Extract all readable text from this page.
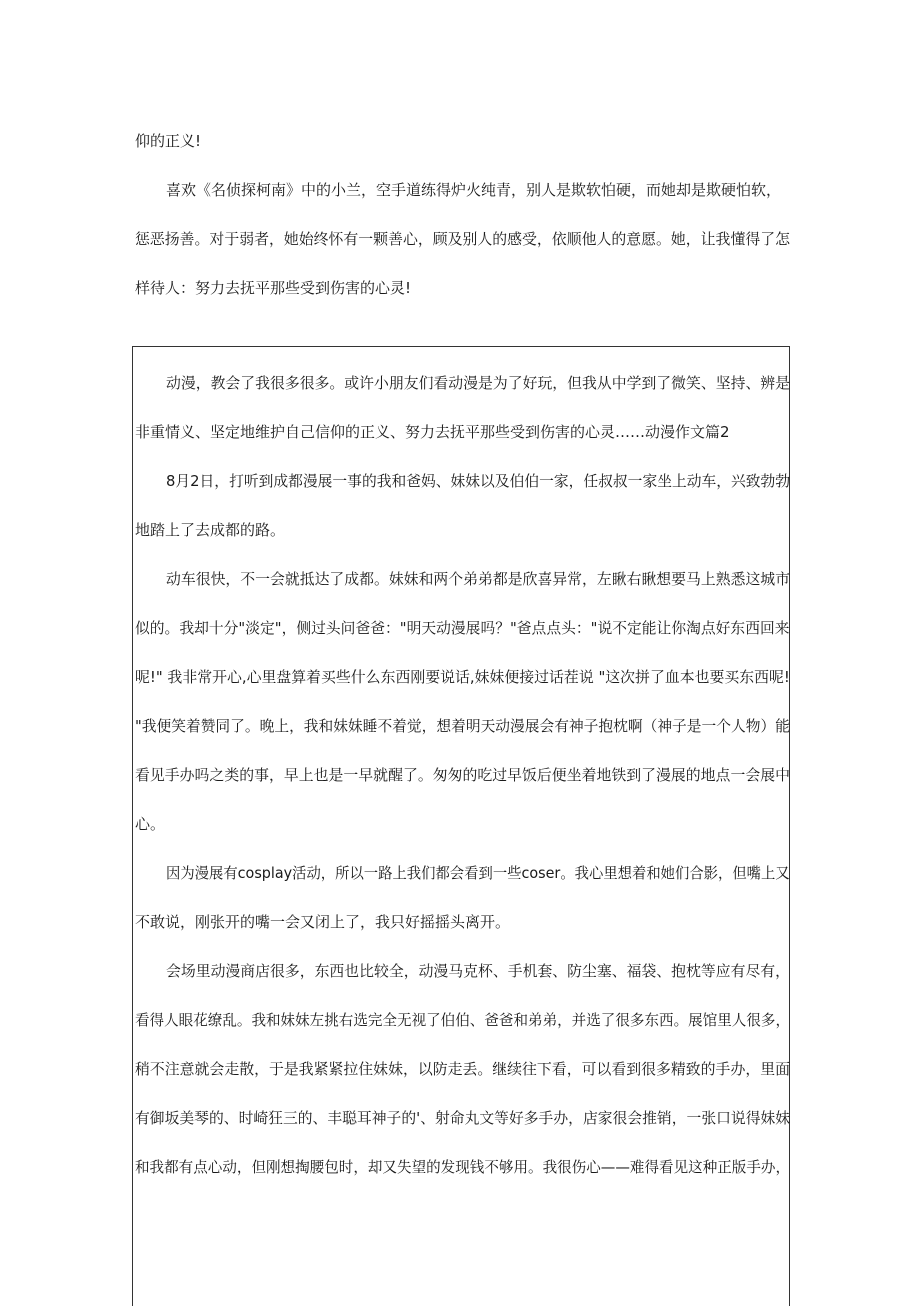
仰的正义!

喜欢《名侦探柯南》中的小兰，空手道练得炉火纯青，别人是欺软怕硬，而她却是欺硬怕软，

惩恶扬善。对于弱者，她始终怀有一颗善心，顾及别人的感受，依顺他人的意愿。她，让我懂得了怎

样待人：努力去抚平那些受到伤害的心灵!

动漫，教会了我很多很多。或许小朋友们看动漫是为了好玩，但我从中学到了微笑、坚持、辨是

非重情义、坚定地维护自己信仰的正义、努力去抚平那些受到伤害的心灵……动漫作文篇2

8月2日，打听到成都漫展一事的我和爸妈、妹妹以及伯伯一家，任叔叔一家坐上动车，兴致勃勃

地踏上了去成都的路。

动车很快，不一会就抵达了成都。妹妹和两个弟弟都是欣喜异常，左瞅右瞅想要马上熟悉这城市

似的。我却十分"淡定"，侧过头问爸爸："明天动漫展吗？"爸点点头："说不定能让你淘点好东西回来

呢!" 我非常开心,心里盘算着买些什么东西刚要说话,妹妹便接过话茬说 "这次拼了血本也要买东西呢!

"我便笑着赞同了。晚上，我和妹妹睡不着觉，想着明天动漫展会有神子抱枕啊（神子是一个人物）能

看见手办吗之类的事，早上也是一早就醒了。匆匆的吃过早饭后便坐着地铁到了漫展的地点一会展中

心。

因为漫展有cosplay活动，所以一路上我们都会看到一些coser。我心里想着和她们合影，但嘴上又

不敢说，刚张开的嘴一会又闭上了，我只好摇摇头离开。

会场里动漫商店很多，东西也比较全，动漫马克杯、手机套、防尘塞、福袋、抱枕等应有尽有，

看得人眼花缭乱。我和妹妹左挑右选完全无视了伯伯、爸爸和弟弟，并选了很多东西。展馆里人很多，

稍不注意就会走散，于是我紧紧拉住妹妹，以防走丢。继续往下看，可以看到很多精致的手办，里面

有御坂美琴的、时崎狂三的、丰聪耳神子的'、射命丸文等好多手办，店家很会推销，一张口说得妹妹

和我都有点心动，但刚想掏腰包时，却又失望的发现钱不够用。我很伤心——难得看见这种正版手办，
